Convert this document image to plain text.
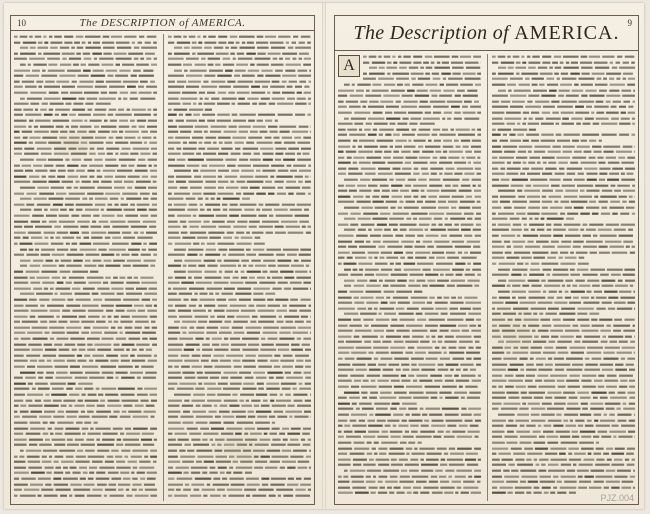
10	The DESCRIPTION of AMERICA.	9
The Description of AMERICA.
A
PJZ.004
